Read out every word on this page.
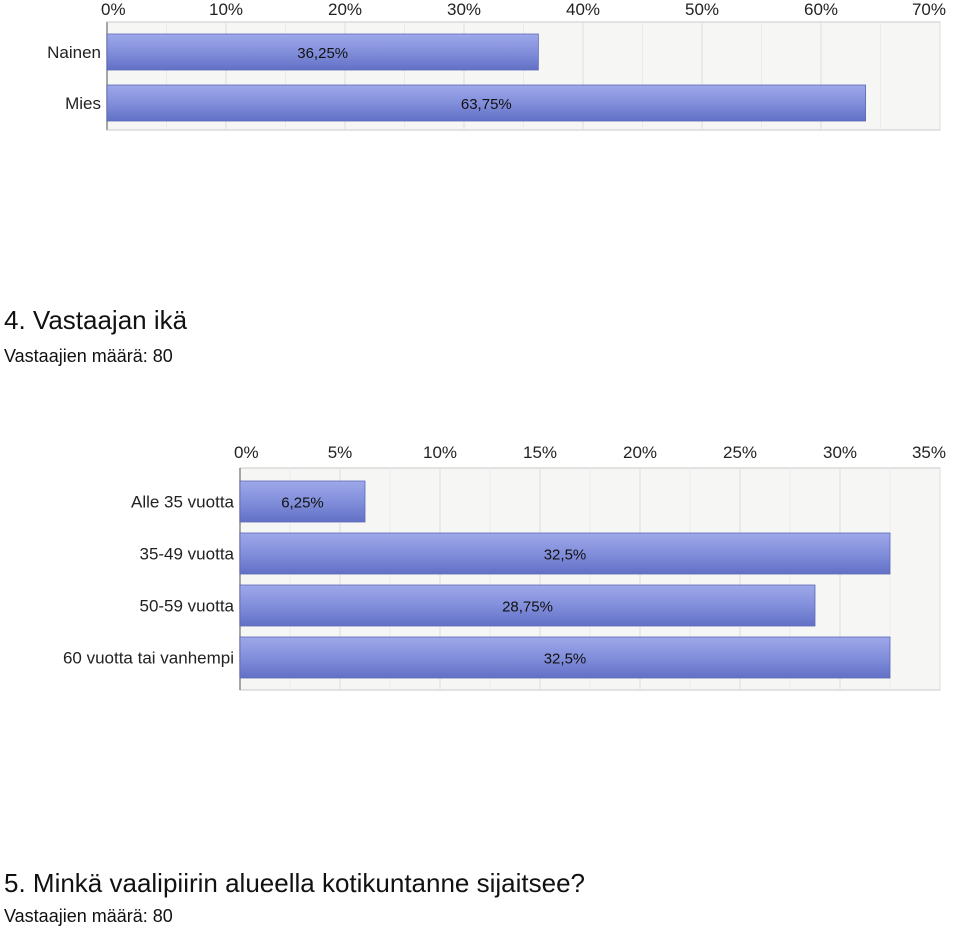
0%	10%	20%	30%	40%	50%	60%	70%
Nainen	36,25%
Mies	63,75%
4. Vastaajan ikä

Vastaajien määrä: 80

0%	5%	10%	15%	20%	25%	30%	35%
Alle 35 vuotta	6,25%
35-49 vuotta	32,5%
50-59 vuotta	28,75%
60 vuotta tai vanhempi	32,5%
5. Minkä vaalipiirin alueella kotikuntanne sijaitsee?

Vastaajien määrä: 80
